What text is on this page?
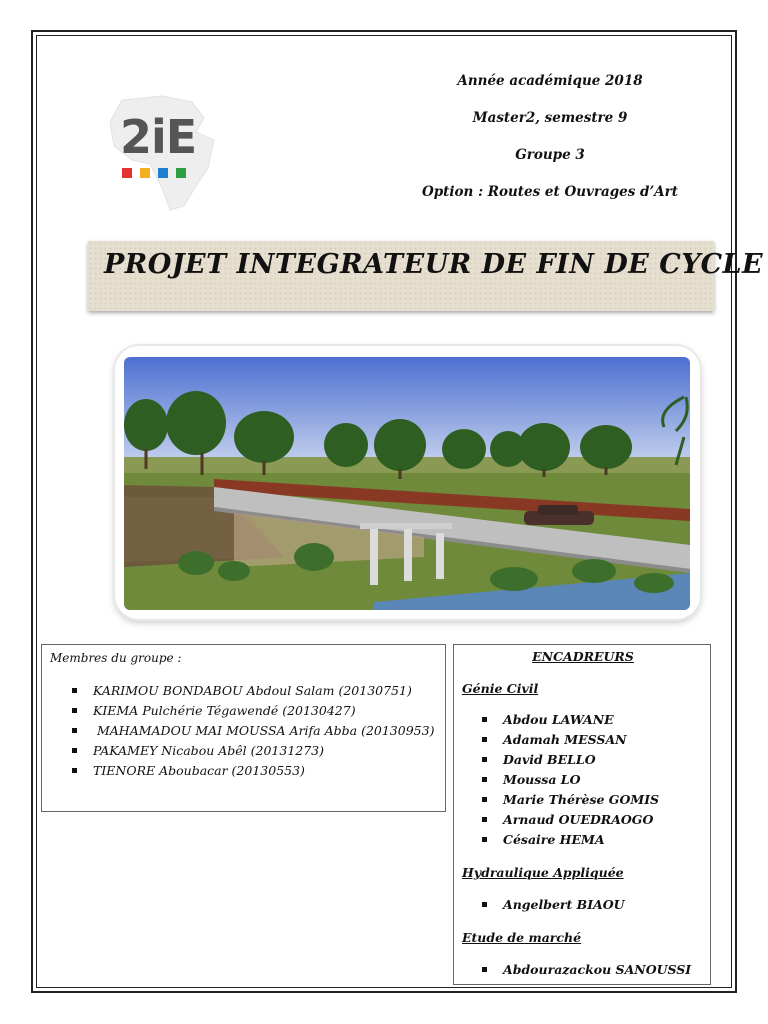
2iE
Année académique 2018
Master2, semestre 9
Groupe 3
Option : Routes et Ouvrages d’Art
PROJET INTEGRATEUR DE FIN DE CYCLE
Membres du groupe :
KARIMOU BONDABOU Abdoul Salam (20130751)
KIEMA Pulchérie Tégawendé (20130427)
MAHAMADOU MAI MOUSSA Arifa Abba (20130953)
PAKAMEY Nicabou Abêl (20131273)
TIENORE Aboubacar (20130553)
ENCADREURS
Génie Civil
Abdou LAWANE
Adamah MESSAN
David BELLO
Moussa LO
Marie Thérèse GOMIS
Arnaud OUEDRAOGO
Césaire HEMA
Hydraulique Appliquée
Angelbert BIAOU
Etude de marché
Abdourazackou SANOUSSI
